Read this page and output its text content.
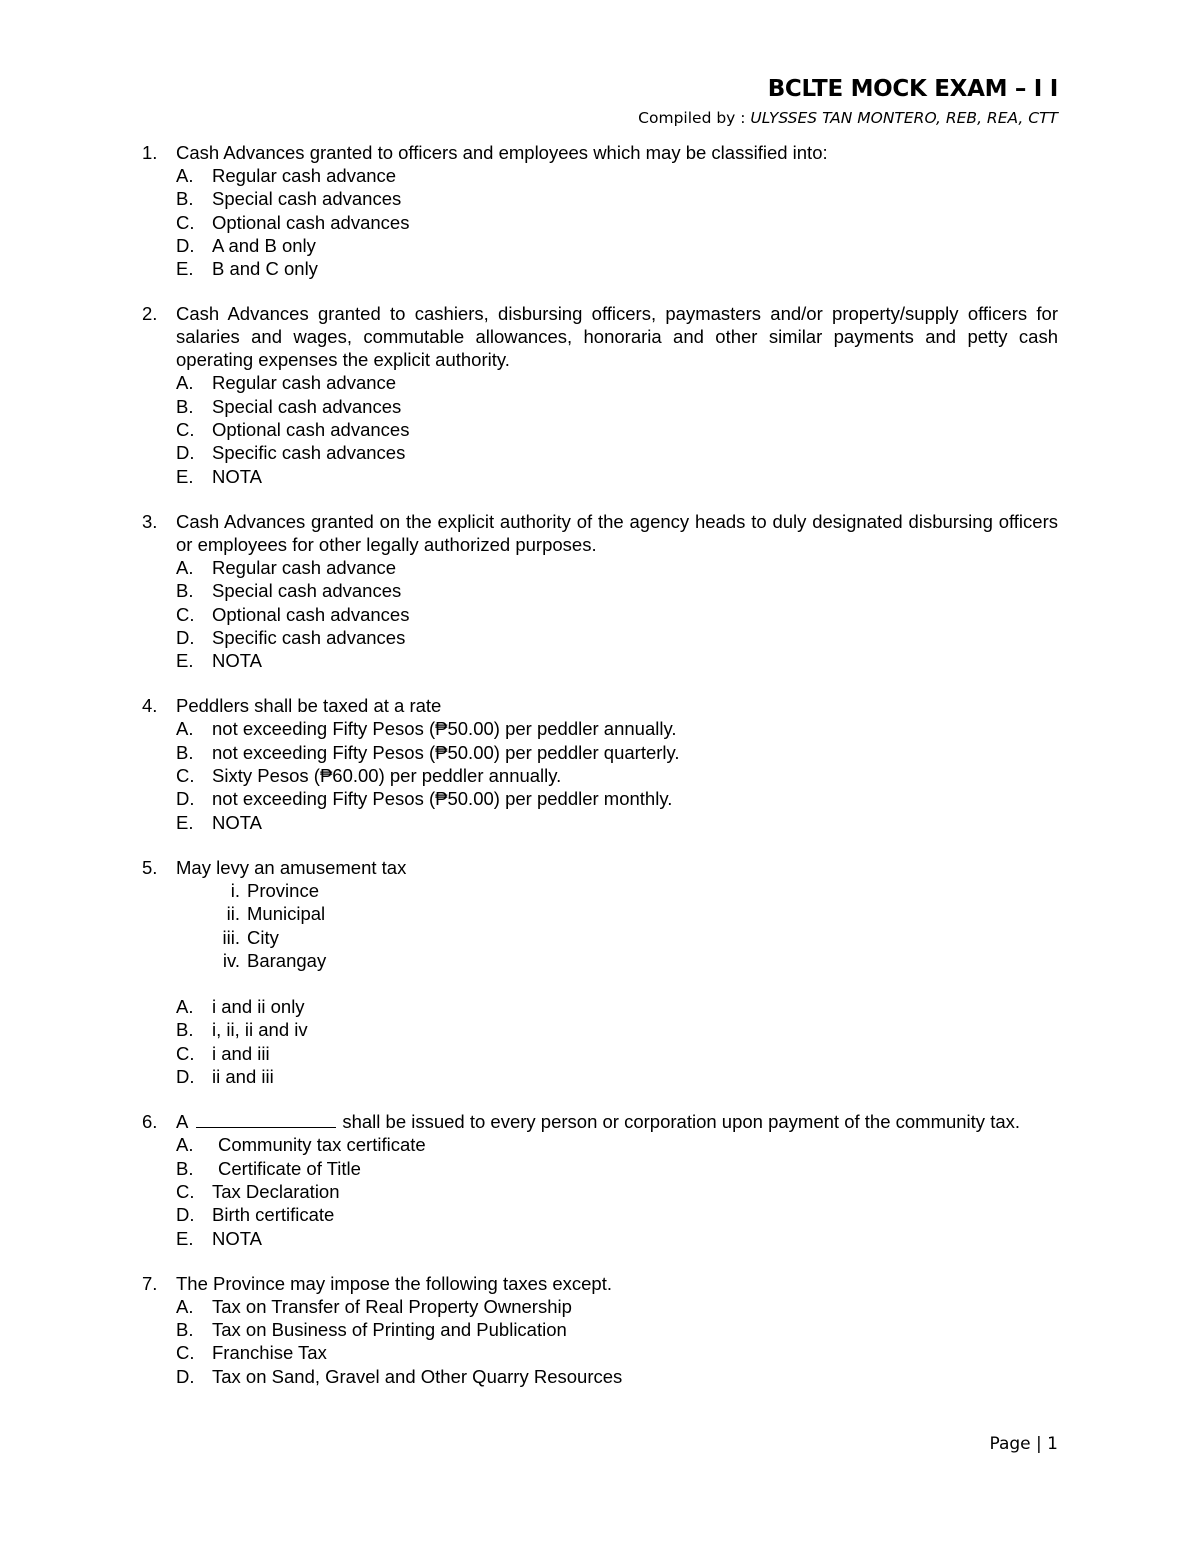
BCLTE MOCK EXAM – I I
Compiled by : ULYSSES TAN MONTERO, REB, REA, CTT
1. Cash Advances granted to officers and employees which may be classified into:
A. Regular cash advance
B. Special cash advances
C. Optional cash advances
D. A and B only
E. B and C only
2. Cash Advances granted to cashiers, disbursing officers, paymasters and/or property/supply officers for salaries and wages, commutable allowances, honoraria and other similar payments and petty cash operating expenses the explicit authority.
A. Regular cash advance
B. Special cash advances
C. Optional cash advances
D. Specific cash advances
E. NOTA
3. Cash Advances granted on the explicit authority of the agency heads to duly designated disbursing officers or employees for other legally authorized purposes.
A. Regular cash advance
B. Special cash advances
C. Optional cash advances
D. Specific cash advances
E. NOTA
4. Peddlers shall be taxed at a rate
A. not exceeding Fifty Pesos (₱50.00) per peddler annually.
B. not exceeding Fifty Pesos (₱50.00) per peddler quarterly.
C. Sixty Pesos (₱60.00) per peddler annually.
D. not exceeding Fifty Pesos (₱50.00) per peddler monthly.
E. NOTA
5. May levy an amusement tax
i. Province
ii. Municipal
iii. City
iv. Barangay
A. i and ii only
B. i, ii, ii and iv
C. i and iii
D. ii and iii
6. A	shall be issued to every person or corporation upon payment of the community tax.
A. Community tax certificate
B. Certificate of Title
C. Tax Declaration
D. Birth certificate
E. NOTA
7. The Province may impose the following taxes except.
A. Tax on Transfer of Real Property Ownership
B. Tax on Business of Printing and Publication
C. Franchise Tax
D. Tax on Sand, Gravel and Other Quarry Resources
Page | 1
